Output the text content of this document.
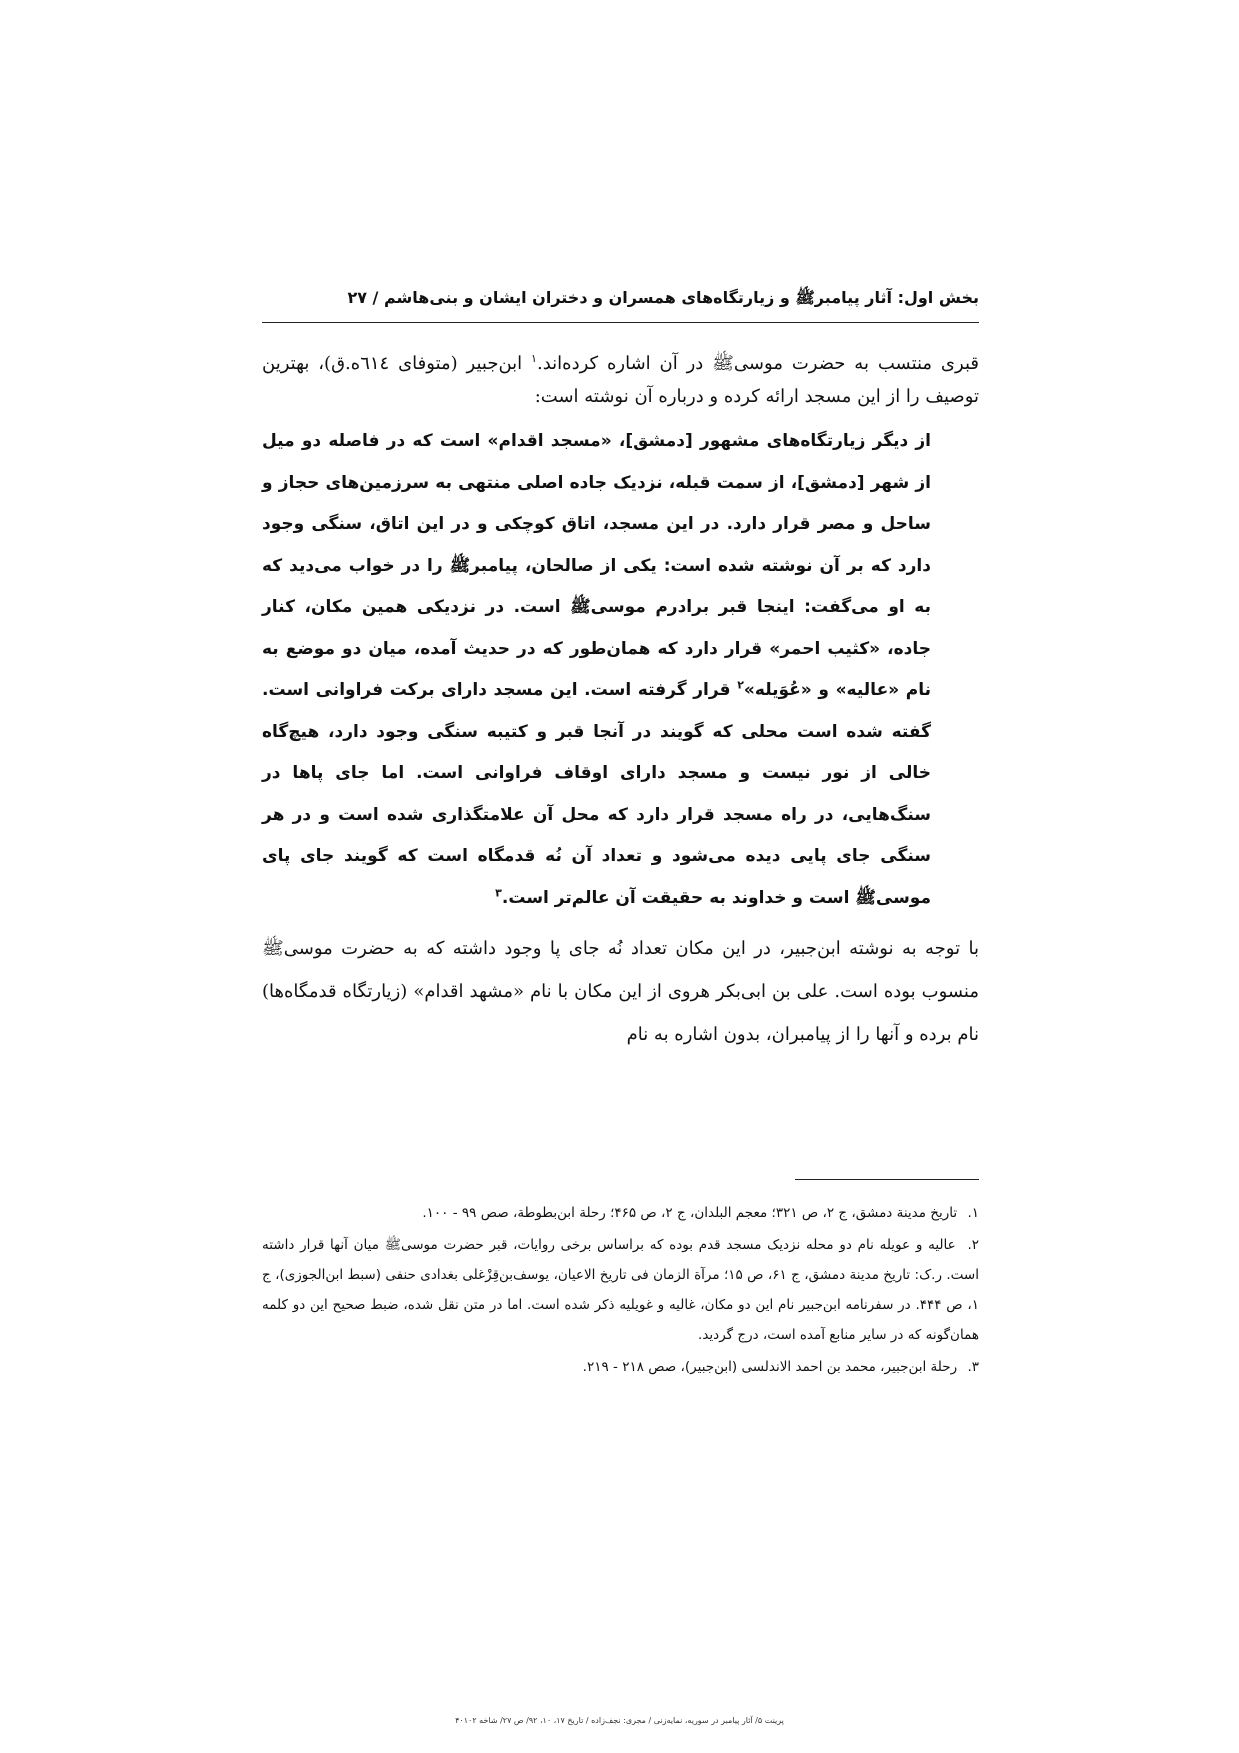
بخش اول: آثار پیامبرﷺ و زیارتگاه‌های همسران و دختران ایشان و بنی‌هاشم / ۲۷

قبری منتسب به حضرت موسیﷺ در آن اشاره کرده‌اند.$^۱$ ابن‌جبیر (متوفای ٦١٤ه.ق)، بهترین توصیف را از این مسجد ارائه کرده و درباره آن نوشته است:

از دیگر زیارتگاه‌های مشهور [دمشق]، «مسجد اقدام» است که در فاصله دو میل از شهر [دمشق]، از سمت قبله، نزدیک جاده اصلی منتهی به سرزمین‌های حجاز و ساحل و مصر قرار دارد. در این مسجد، اتاق کوچکی و در این اتاق، سنگی وجود دارد که بر آن نوشته شده است: یکی از صالحان، پیامبرﷺ را در خواب می‌دید که به او می‌گفت: اینجا قبر برادرم موسیﷺ است. در نزدیکی همین مکان، کنار جاده، «کثیب احمر» قرار دارد که همان‌طور که در حدیث آمده، میان دو موضع به نام «عالیه» و «عُوَیله»$^۲$ قرار گرفته است. این مسجد دارای برکت فراوانی است. گفته شده است محلی که گویند در آنجا قبر و کتیبه سنگی وجود دارد، هیچ‌گاه خالی از نور نیست و مسجد دارای اوقاف فراوانی است. اما جای پاها در سنگ‌هایی، در راه مسجد قرار دارد که محل آن علامتگذاری شده است و در هر سنگی جای پایی دیده می‌شود و تعداد آن نُه قدمگاه است که گویند جای پای موسیﷺ است و خداوند به حقیقت آن عالم‌تر است.$^۳$

با توجه به نوشته ابن‌جبیر، در این مکان تعداد نُه جای پا وجود داشته که به حضرت موسیﷺ منسوب بوده است. علی بن ابی‌بکر هروی از این مکان با نام «مشهد اقدام» (زیارتگاه قدمگاه‌ها) نام برده و آنها را از پیامبران، بدون اشاره به نام

۱. تاریخ مدینة دمشق، ج ۲، ص ۳۲۱؛ معجم البلدان، ج ۲، ص ۴۶۵؛ رحلة ابن‌بطوطة، صص ۹۹ - ۱۰۰.

۲. عالیه و عویله نام دو محله نزدیک مسجد قدم بوده که براساس برخی روایات، قبر حضرت موسیﷺ میان آنها قرار داشته است. ر.ک: تاریخ مدینة دمشق، ج ۶۱، ص ۱۵؛ مرآة الزمان فی تاریخ الاعیان، یوسف‌بن‌قِزْغلی بغدادی حنفی (سبط ابن‌الجوزی)، ج ۱، ص ۴۴۴. در سفرنامه ابن‌جبیر نام این دو مکان، غالیه و غویلیه ذکر شده است. اما در متن نقل شده، ضبط صحیح این دو کلمه همان‌گونه که در سایر منابع آمده است، درج گردید.

۳. رحلة ابن‌جبیر، محمد بن احمد الاندلسی (ابن‌جبیر)، صص ۲۱۸ - ۲۱۹.

پرینت ۵/ آثار پیامبر در سوریه، نمایه‌زنی / مجری: نجف‌زاده / تاریخ ۱۷، ۱۰، ۹۲/ ص ۲۷/ شاخه ۴۰۱۰۲
